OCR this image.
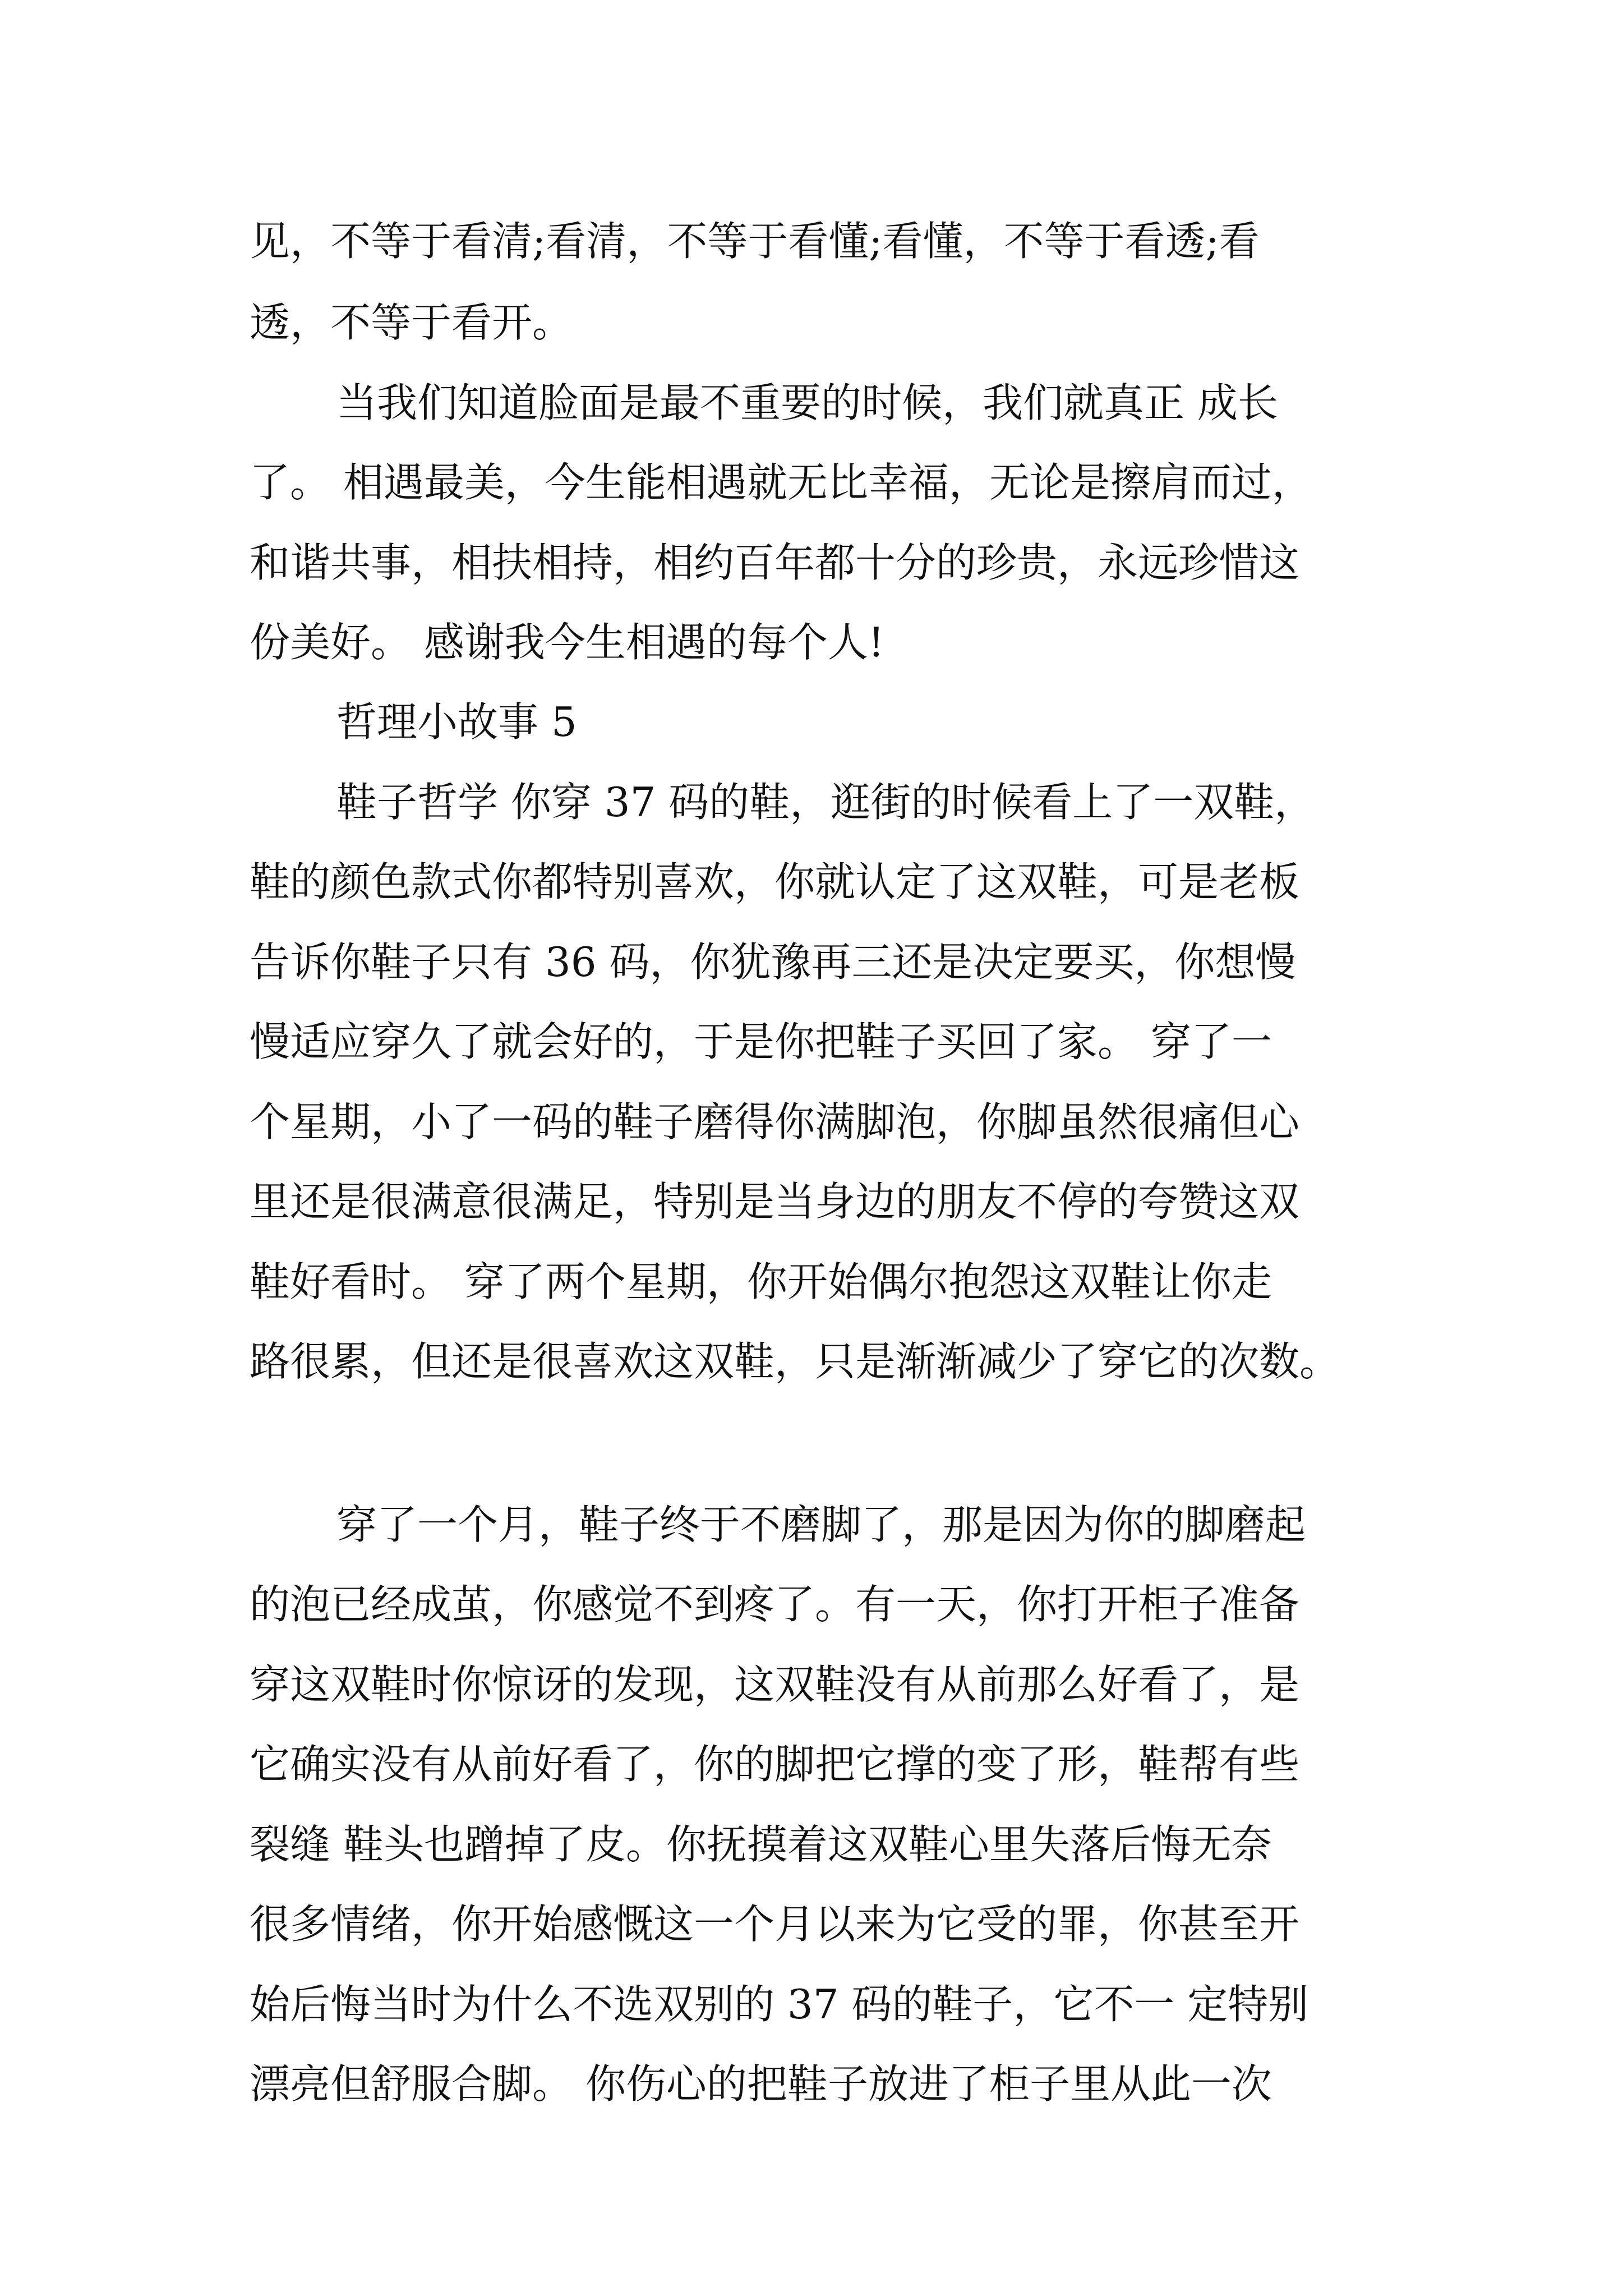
见，不等于看清;看清，不等于看懂;看懂，不等于看透;看
透，不等于看开。
当我们知道脸面是最不重要的时候，我们就真正 成长
了。 相遇最美，今生能相遇就无比幸福，无论是擦肩而过，
和谐共事，相扶相持，相约百年都十分的珍贵，永远珍惜这
份美好。 感谢我今生相遇的每个人!
哲理小故事 5
鞋子哲学 你穿 37 码的鞋，逛街的时候看上了一双鞋，
鞋的颜色款式你都特别喜欢，你就认定了这双鞋，可是老板
告诉你鞋子只有 36 码，你犹豫再三还是决定要买，你想慢
慢适应穿久了就会好的，于是你把鞋子买回了家。 穿了一
个星期，小了一码的鞋子磨得你满脚泡，你脚虽然很痛但心
里还是很满意很满足，特别是当身边的朋友不停的夸赞这双
鞋好看时。 穿了两个星期，你开始偶尔抱怨这双鞋让你走
路很累，但还是很喜欢这双鞋，只是渐渐减少了穿它的次数。
穿了一个月，鞋子终于不磨脚了，那是因为你的脚磨起
的泡已经成茧，你感觉不到疼了。有一天，你打开柜子准备
穿这双鞋时你惊讶的发现，这双鞋没有从前那么好看了，是
它确实没有从前好看了，你的脚把它撑的变了形，鞋帮有些
裂缝 鞋头也蹭掉了皮。你抚摸着这双鞋心里失落后悔无奈
很多情绪，你开始感慨这一个月以来为它受的罪，你甚至开
始后悔当时为什么不选双别的 37 码的鞋子，它不一 定特别
漂亮但舒服合脚。 你伤心的把鞋子放进了柜子里从此一次
